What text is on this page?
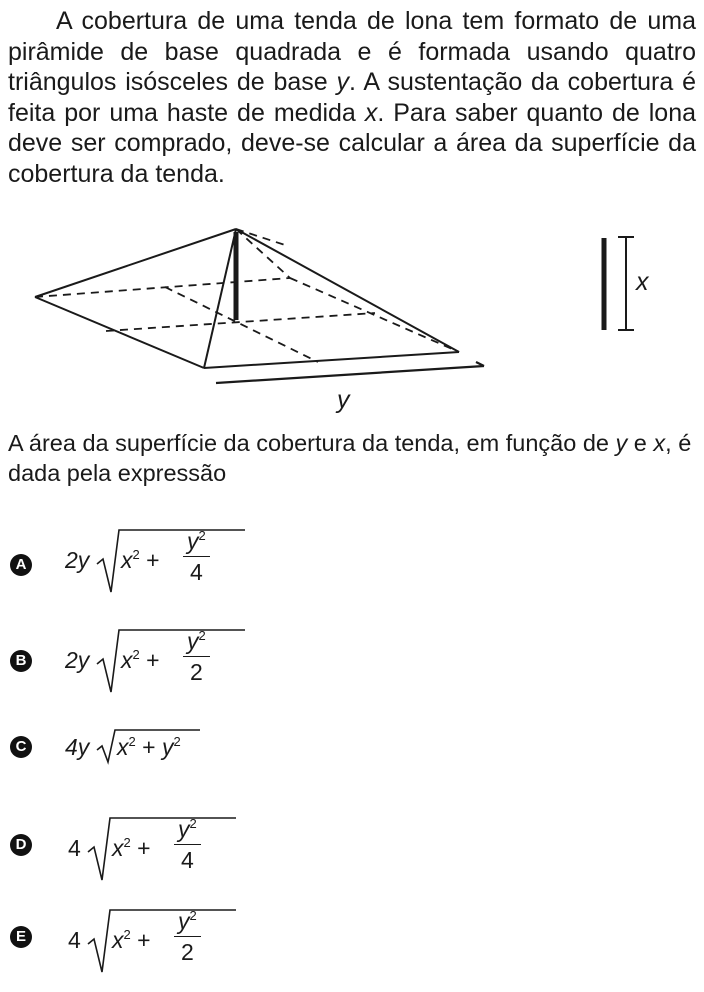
A cobertura de uma tenda de lona tem formato de uma pirâmide de base quadrada e é formada usando quatro triângulos isósceles de base y. A sustentação da cobertura é feita por uma haste de medida x. Para saber quanto de lona deve ser comprado, deve-se calcular a área da superfície da cobertura da tenda.

x
y
A área da superfície da cobertura da tenda, em função de y e x, é dada pela expressão
A 2y $x^2 + \frac{y^2}{4}$
B 2y $x^2 + \frac{y^2}{2}$
C 4y $x^2 + y^2$
D 4 $x^2 + \frac{y^2}{4}$
E 4 $x^2 + \frac{y^2}{2}$
